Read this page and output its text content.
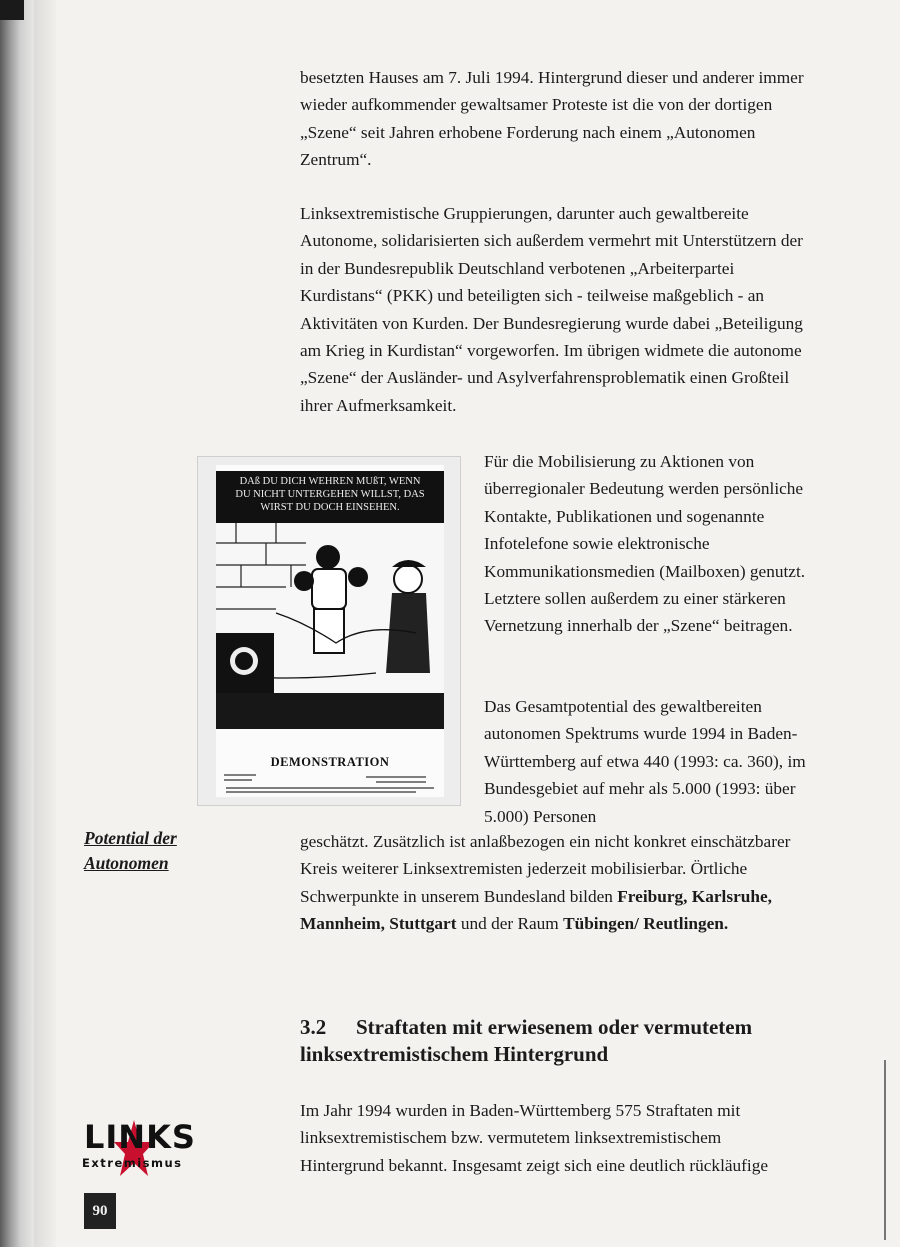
besetzten Hauses am 7. Juli 1994. Hintergrund dieser und anderer immer wieder aufkommender gewaltsamer Proteste ist die von der dortigen „Szene“ seit Jahren erhobene Forderung nach einem „Autonomen Zentrum“.

Linksextremistische Gruppierungen, darunter auch gewaltbereite Autonome, solidarisierten sich außerdem vermehrt mit Unterstützern der in der Bundesrepublik Deutschland verbotenen „Arbeiterpartei Kurdistans“ (PKK) und beteiligten sich - teilweise maßgeblich - an Aktivitäten von Kurden. Der Bundesregierung wurde dabei „Beteiligung am Krieg in Kurdistan“ vorgeworfen. Im übrigen widmete die autonome „Szene“ der Ausländer- und Asylverfahrensproblematik einen Großteil ihrer Aufmerksamkeit.

DAß DU DICH WEHREN MUßT, WENN
DU NICHT UNTERGEHEN WILLST, DAS
WIRST DU DOCH EINSEHEN.
DEMONSTRATION

Für die Mobilisierung zu Aktionen von überregionaler Bedeutung werden persönliche Kontakte, Publikationen und sogenannte Infotelefone sowie elektronische Kommunikationsmedien (Mailboxen) genutzt. Letztere sollen außerdem zu einer stärkeren Vernetzung innerhalb der „Szene“ beitragen.

Das Gesamtpotential des gewaltbereiten autonomen Spektrums wurde 1994 in Baden-Württemberg auf etwa 440 (1993: ca. 360), im Bundesgebiet auf mehr als 5.000 (1993: über 5.000) Personen

Potential der
Autonomen

geschätzt. Zusätzlich ist anlaßbezogen ein nicht konkret einschätzbarer Kreis weiterer Linksextremisten jederzeit mobilisierbar. Örtliche Schwerpunkte in unserem Bundesland bilden Freiburg, Karlsruhe, Mannheim, Stuttgart und der Raum Tübingen/ Reutlingen.

3.2 Straftaten mit erwiesenem oder vermutetem
linksextremistischem Hintergrund

Im Jahr 1994 wurden in Baden-Württemberg 575 Straftaten mit linksextremistischem bzw. vermutetem linksextremistischem Hintergrund bekannt. Insgesamt zeigt sich eine deutlich rückläufige

LINKS
Extremismus
90
